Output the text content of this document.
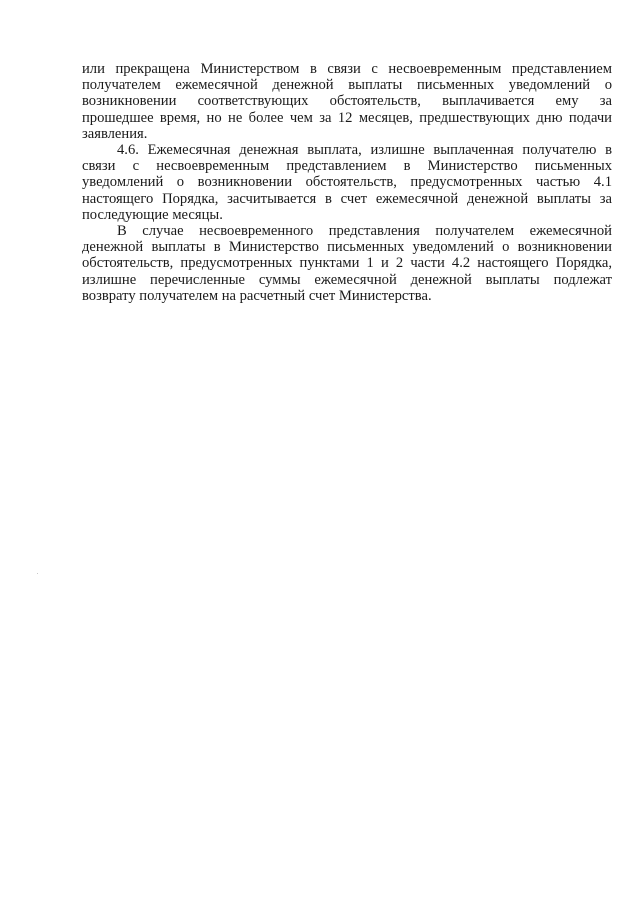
или прекращена Министерством в связи с несвоевременным представлением
получателем ежемесячной денежной выплаты письменных уведомлений о
возникновении соответствующих обстоятельств, выплачивается ему за
прошедшее время, но не более чем за 12 месяцев, предшествующих дню подачи
заявления.
4.6. Ежемесячная денежная выплата, излишне выплаченная получателю в
связи с несвоевременным представлением в Министерство письменных
уведомлений о возникновении обстоятельств, предусмотренных частью 4.1
настоящего Порядка, засчитывается в счет ежемесячной денежной выплаты за
последующие месяцы.
В случае несвоевременного представления получателем ежемесячной
денежной выплаты в Министерство письменных уведомлений о возникновении
обстоятельств, предусмотренных пунктами 1 и 2 части 4.2 настоящего Порядка,
излишне перечисленные суммы ежемесячной денежной выплаты подлежат
возврату получателем на расчетный счет Министерства.
